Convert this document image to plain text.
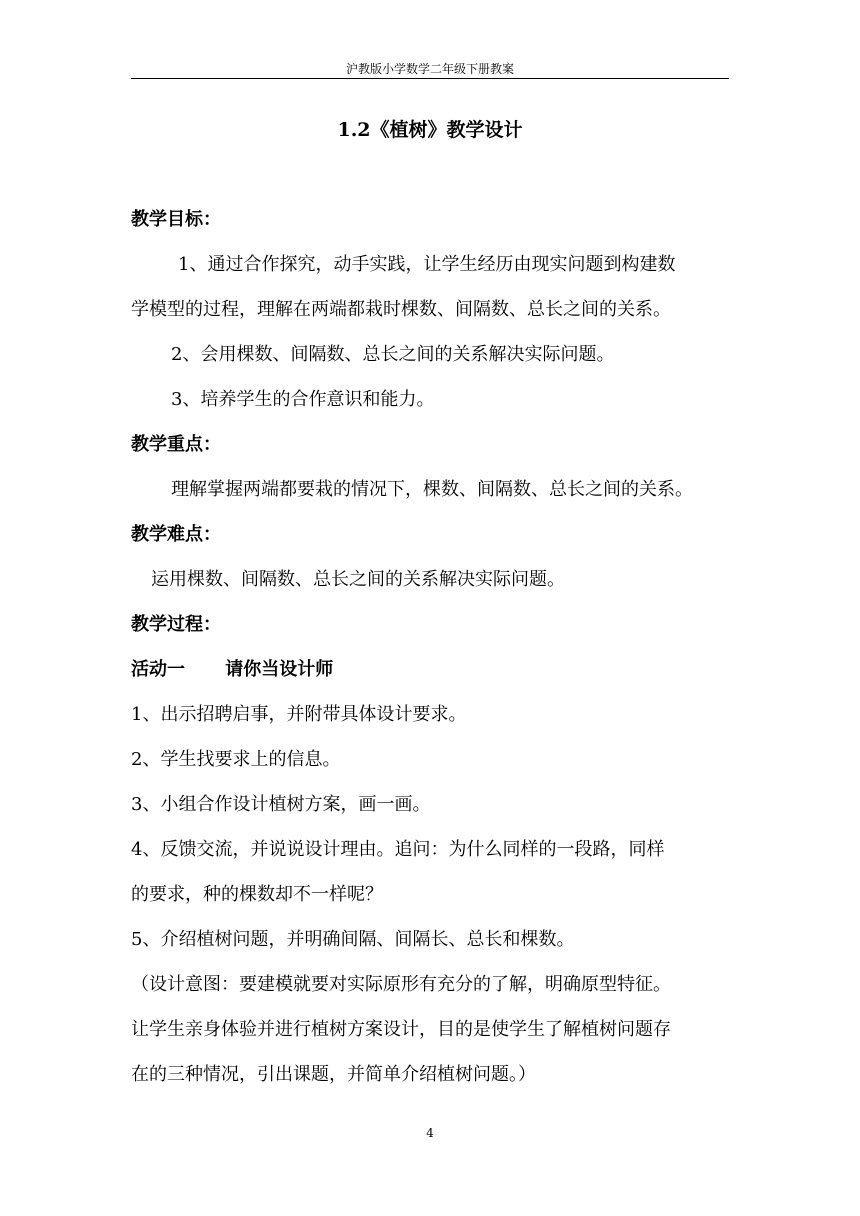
沪教版小学数学二年级下册教案
1.2《植树》教学设计
教学目标：
1、通过合作探究，动手实践，让学生经历由现实问题到构建数
学模型的过程，理解在两端都栽时棵数、间隔数、总长之间的关系。
2、会用棵数、间隔数、总长之间的关系解决实际问题。
3、培养学生的合作意识和能力。
教学重点：
理解掌握两端都要栽的情况下，棵数、间隔数、总长之间的关系。
教学难点：
运用棵数、间隔数、总长之间的关系解决实际问题。
教学过程：
活动一 请你当设计师
1、出示招聘启事，并附带具体设计要求。
2、学生找要求上的信息。
3、小组合作设计植树方案，画一画。
4、反馈交流，并说说设计理由。追问：为什么同样的一段路，同样
的要求，种的棵数却不一样呢？
5、介绍植树问题，并明确间隔、间隔长、总长和棵数。
（设计意图：要建模就要对实际原形有充分的了解，明确原型特征。
让学生亲身体验并进行植树方案设计，目的是使学生了解植树问题存
在的三种情况，引出课题，并简单介绍植树问题。）
4
